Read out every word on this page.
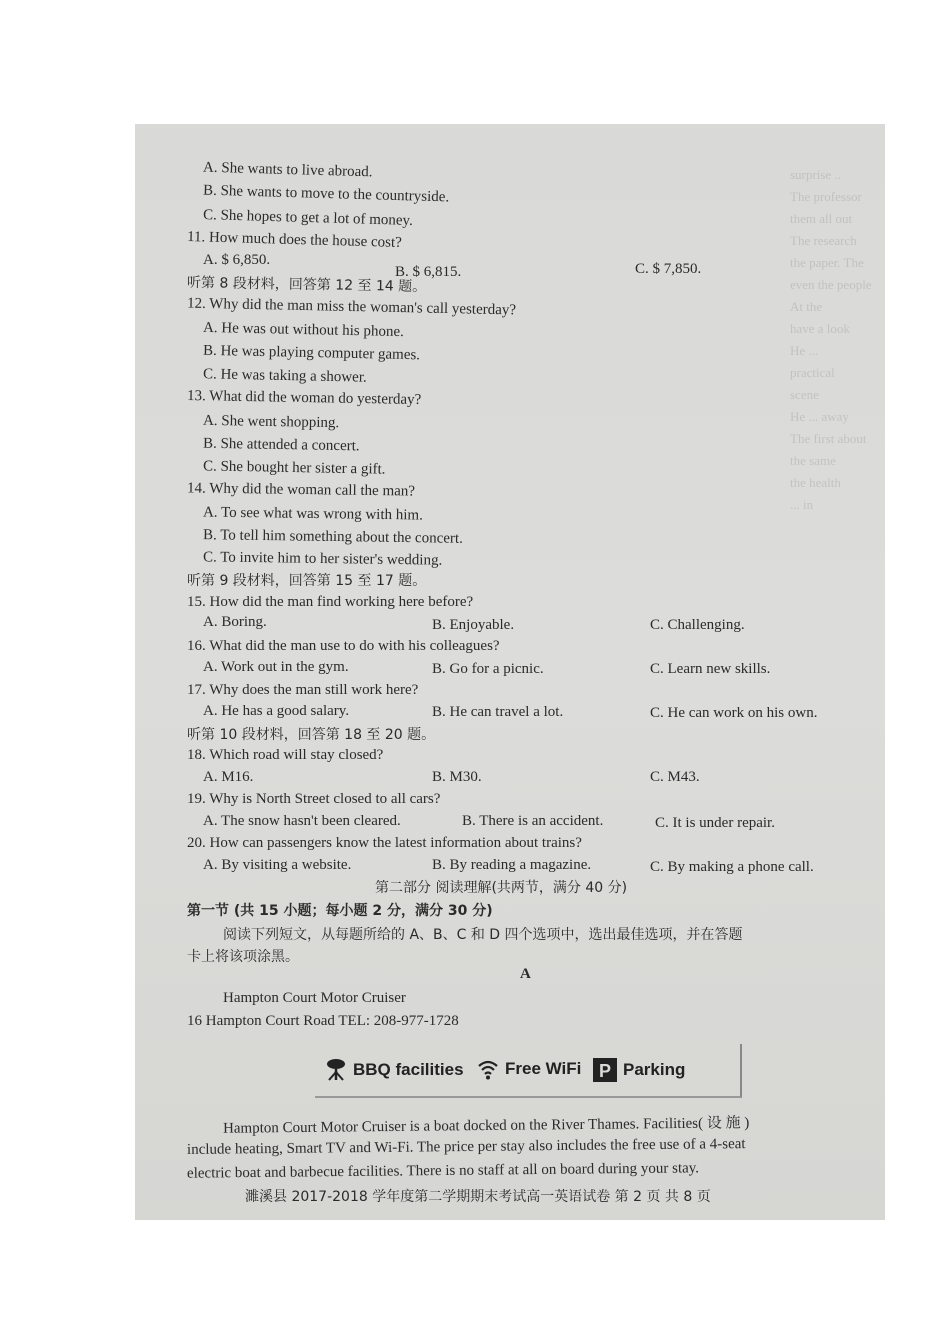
surprise ..
The professor
them all out
The research
the paper. The
even the people
At the
have a look
He ...
practical
scene
He ... away
The first about
the same
the health
... in
A. She wants to live abroad.
B. She wants to move to the countryside.
C. She hopes to get a lot of money.
11. How much does the house cost?
A. $ 6,850.
B. $ 6,815.	C. $ 7,850.
听第 8 段材料，回答第 12 至 14 题。
12. Why did the man miss the woman's call yesterday?
A. He was out without his phone.
B. He was playing computer games.
C. He was taking a shower.
13. What did the woman do yesterday?
A. She went shopping.
B. She attended a concert.
C. She bought her sister a gift.
14. Why did the woman call the man?
A. To see what was wrong with him.
B. To tell him something about the concert.
C. To invite him to her sister's wedding.
听第 9 段材料，回答第 15 至 17 题。
15. How did the man find working here before?
A. Boring.	B. Enjoyable.	C. Challenging.
16. What did the man use to do with his colleagues?
A. Work out in the gym.	B. Go for a picnic.	C. Learn new skills.
17. Why does the man still work here?
A. He has a good salary.	B. He can travel a lot.	C. He can work on his own.
听第 10 段材料，回答第 18 至 20 题。
18. Which road will stay closed?
A. M16.	B. M30.	C. M43.
19. Why is North Street closed to all cars?
A. The snow hasn't been cleared.	B. There is an accident.	C. It is under repair.
20. How can passengers know the latest information about trains?
A. By visiting a website.	B. By reading a magazine.	C. By making a phone call.
第二部分 阅读理解(共两节，满分 40 分)
第一节 (共 15 小题；每小题 2 分，满分 30 分)
阅读下列短文，从每题所给的 A、B、C 和 D 四个选项中，选出最佳选项，并在答题
卡上将该项涂黑。
A
Hampton Court Motor Cruiser
16 Hampton Court Road TEL: 208-977-1728
BBQ facilities Free WiFi P Parking
Hampton Court Motor Cruiser is a boat docked on the River Thames. Facilities( 设 施 )
include heating, Smart TV and Wi-Fi. The price per stay also includes the free use of a 4-seat
electric boat and barbecue facilities. There is no staff at all on board during your stay.
濉溪县 2017-2018 学年度第二学期期末考试高一英语试卷 第 2 页 共 8 页
